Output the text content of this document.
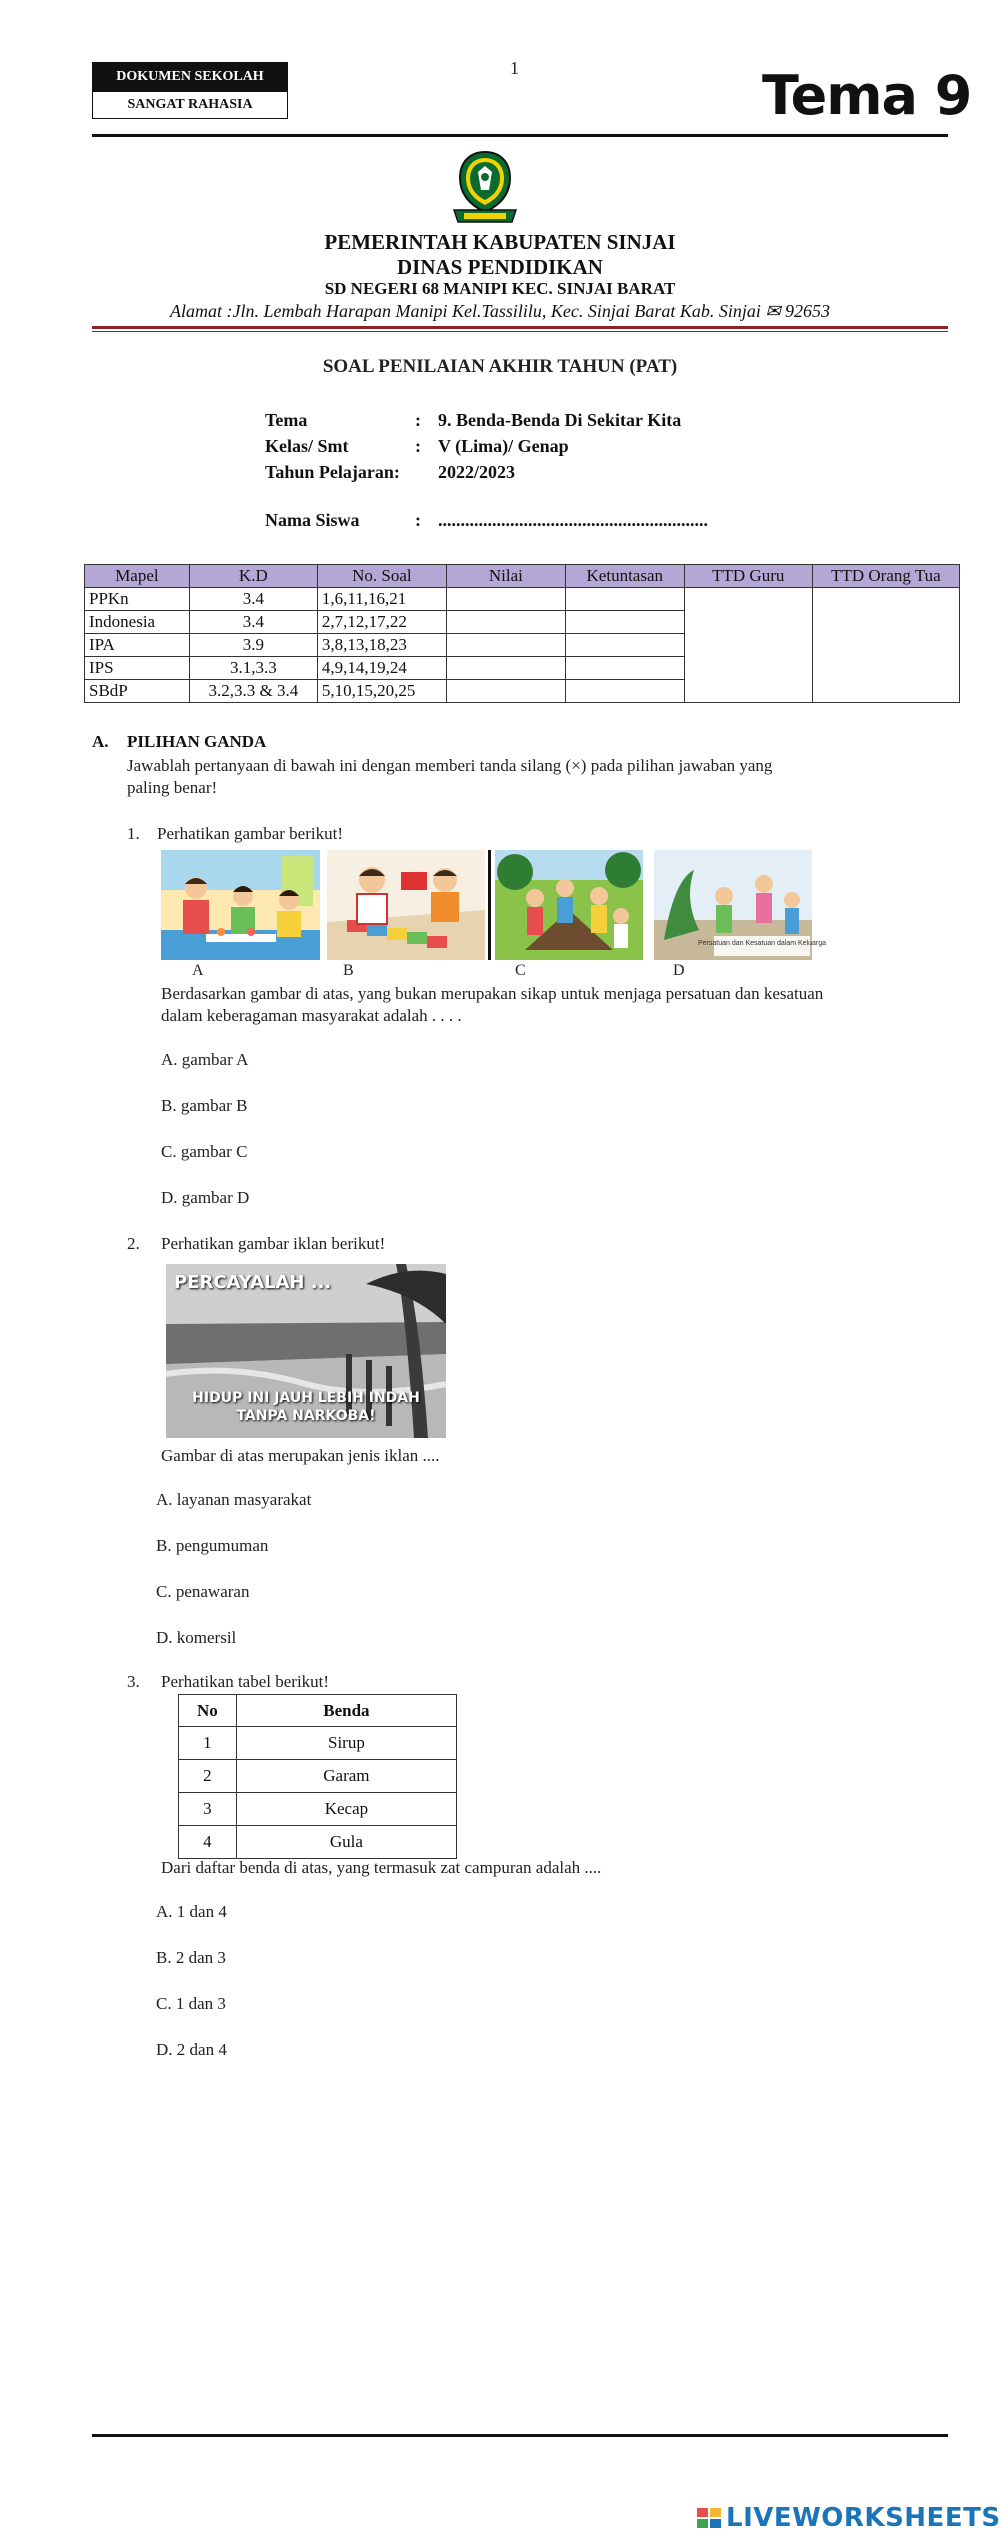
DOKUMEN SEKOLAH
SANGAT RAHASIA
1	Tema 9
PEMERINTAH KABUPATEN SINJAI
DINAS PENDIDIKAN
SD NEGERI 68 MANIPI KEC. SINJAI BARAT
Alamat :Jln. Lembah Harapan Manipi Kel.Tassililu, Kec. Sinjai Barat Kab. Sinjai ✉ 92653
SOAL PENILAIAN AKHIR TAHUN (PAT)
Tema	: 9. Benda-Benda Di Sekitar Kita
Kelas/ Smt	: V (Lima)/ Genap
Tahun Pelajaran: 2022/2023
Nama Siswa	: ............................................................
Mapel	K.D	No. Soal	Nilai	Ketuntasan	TTD Guru	TTD Orang Tua
PPKn	3.4	1,6,11,16,21				
Indonesia	3.4	2,7,12,17,22				
IPA	3.9	3,8,13,18,23				
IPS	3.1,3.3	4,9,14,19,24				
SBdP	3.2,3.3 & 3.4	5,10,15,20,25				
A. PILIHAN GANDA
Jawablah pertanyaan di bawah ini dengan memberi tanda silang (×) pada pilihan jawaban yang
paling benar!
1. Perhatikan gambar berikut!
Persatuan dan Kesatuan dalam Keluarga
A	B	C	D
Berdasarkan gambar di atas, yang bukan merupakan sikap untuk menjaga persatuan dan kesatuan
dalam keberagaman masyarakat adalah . . . .
A. gambar A
B. gambar B
C. gambar C
D. gambar D
2. Perhatikan gambar iklan berikut!
PERCAYALAH ...
HIDUP INI JAUH LEBIH INDAH
TANPA NARKOBA!
Gambar di atas merupakan jenis iklan ....
A. layanan masyarakat
B. pengumuman
C. penawaran
D. komersil
3. Perhatikan tabel berikut!
No	Benda
1	Sirup
2	Garam
3	Kecap
4	Gula
Dari daftar benda di atas, yang termasuk zat campuran adalah ....
A. 1 dan 4
B. 2 dan 3
C. 1 dan 3
D. 2 dan 4
LIVEWORKSHEETS
